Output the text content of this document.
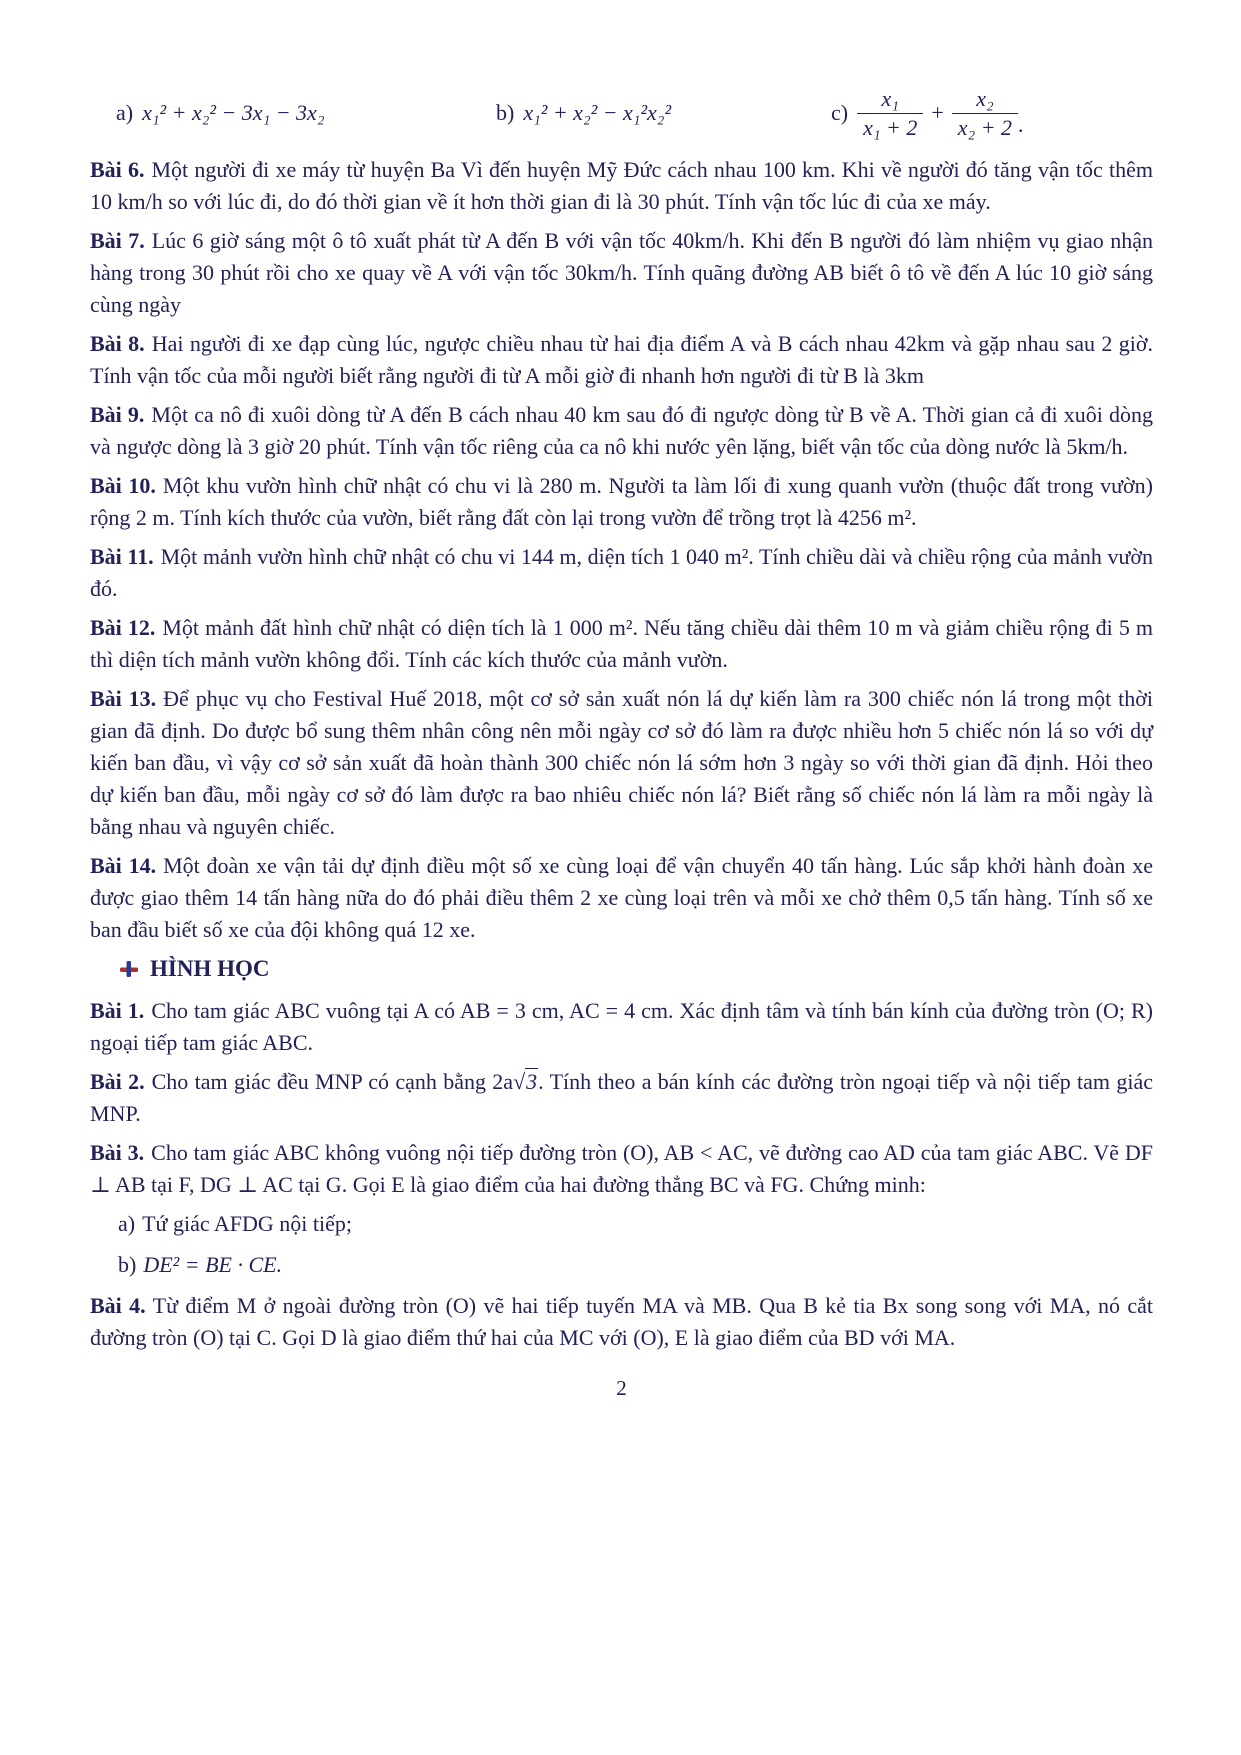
a) x₁² + x₂² − 3x₁ − 3x₂	b) x₁² + x₂² − x₁²x₂²	$c) \frac{\text{x₁}}{\text{x₁ + 2}} + \frac{\text{x₂}}{\text{x₂ + 2}}$ .

Bài 6. Một người đi xe máy từ huyện Ba Vì đến huyện Mỹ Đức cách nhau 100 km. Khi về người đó tăng vận tốc thêm 10 km/h so với lúc đi, do đó thời gian về ít hơn thời gian đi là 30 phút. Tính vận tốc lúc đi của xe máy.

Bài 7. Lúc 6 giờ sáng một ô tô xuất phát từ A đến B với vận tốc 40km/h. Khi đến B người đó làm nhiệm vụ giao nhận hàng trong 30 phút rồi cho xe quay về A với vận tốc 30km/h. Tính quãng đường AB biết ô tô về đến A lúc 10 giờ sáng cùng ngày

Bài 8. Hai người đi xe đạp cùng lúc, ngược chiều nhau từ hai địa điểm A và B cách nhau 42km và gặp nhau sau 2 giờ. Tính vận tốc của mỗi người biết rằng người đi từ A mỗi giờ đi nhanh hơn người đi từ B là 3km

Bài 9. Một ca nô đi xuôi dòng từ A đến B cách nhau 40 km sau đó đi ngược dòng từ B về A. Thời gian cả đi xuôi dòng và ngược dòng là 3 giờ 20 phút. Tính vận tốc riêng của ca nô khi nước yên lặng, biết vận tốc của dòng nước là 5km/h.

Bài 10. Một khu vườn hình chữ nhật có chu vi là 280 m. Người ta làm lối đi xung quanh vườn (thuộc đất trong vườn) rộng 2 m. Tính kích thước của vườn, biết rằng đất còn lại trong vườn để trồng trọt là 4256 m².

Bài 11. Một mảnh vườn hình chữ nhật có chu vi 144 m, diện tích 1 040 m². Tính chiều dài và chiều rộng của mảnh vườn đó.

Bài 12. Một mảnh đất hình chữ nhật có diện tích là 1 000 m². Nếu tăng chiều dài thêm 10 m và giảm chiều rộng đi 5 m thì diện tích mảnh vườn không đổi. Tính các kích thước của mảnh vườn.

Bài 13. Để phục vụ cho Festival Huế 2018, một cơ sở sản xuất nón lá dự kiến làm ra 300 chiếc nón lá trong một thời gian đã định. Do được bổ sung thêm nhân công nên mỗi ngày cơ sở đó làm ra được nhiều hơn 5 chiếc nón lá so với dự kiến ban đầu, vì vậy cơ sở sản xuất đã hoàn thành 300 chiếc nón lá sớm hơn 3 ngày so với thời gian đã định. Hỏi theo dự kiến ban đầu, mỗi ngày cơ sở đó làm được ra bao nhiêu chiếc nón lá? Biết rằng số chiếc nón lá làm ra mỗi ngày là bằng nhau và nguyên chiếc.

Bài 14. Một đoàn xe vận tải dự định điều một số xe cùng loại để vận chuyển 40 tấn hàng. Lúc sắp khởi hành đoàn xe được giao thêm 14 tấn hàng nữa do đó phải điều thêm 2 xe cùng loại trên và mỗi xe chở thêm 0,5 tấn hàng. Tính số xe ban đầu biết số xe của đội không quá 12 xe.

HÌNH HỌC

Bài 1. Cho tam giác ABC vuông tại A có AB = 3 cm, AC = 4 cm. Xác định tâm và tính bán kính của đường tròn (O; R) ngoại tiếp tam giác ABC.

Bài 2. Cho tam giác đều MNP có cạnh bằng 2a√3. Tính theo a bán kính các đường tròn ngoại tiếp và nội tiếp tam giác MNP.

Bài 3. Cho tam giác ABC không vuông nội tiếp đường tròn (O), AB < AC, vẽ đường cao AD của tam giác ABC. Vẽ DF ⊥ AB tại F, DG ⊥ AC tại G. Gọi E là giao điểm của hai đường thẳng BC và FG. Chứng minh:

a) Tứ giác AFDG nội tiếp;

b) DE² = BE · CE.

Bài 4. Từ điểm M ở ngoài đường tròn (O) vẽ hai tiếp tuyến MA và MB. Qua B kẻ tia Bx song song với MA, nó cắt đường tròn (O) tại C. Gọi D là giao điểm thứ hai của MC với (O), E là giao điểm của BD với MA.

2
